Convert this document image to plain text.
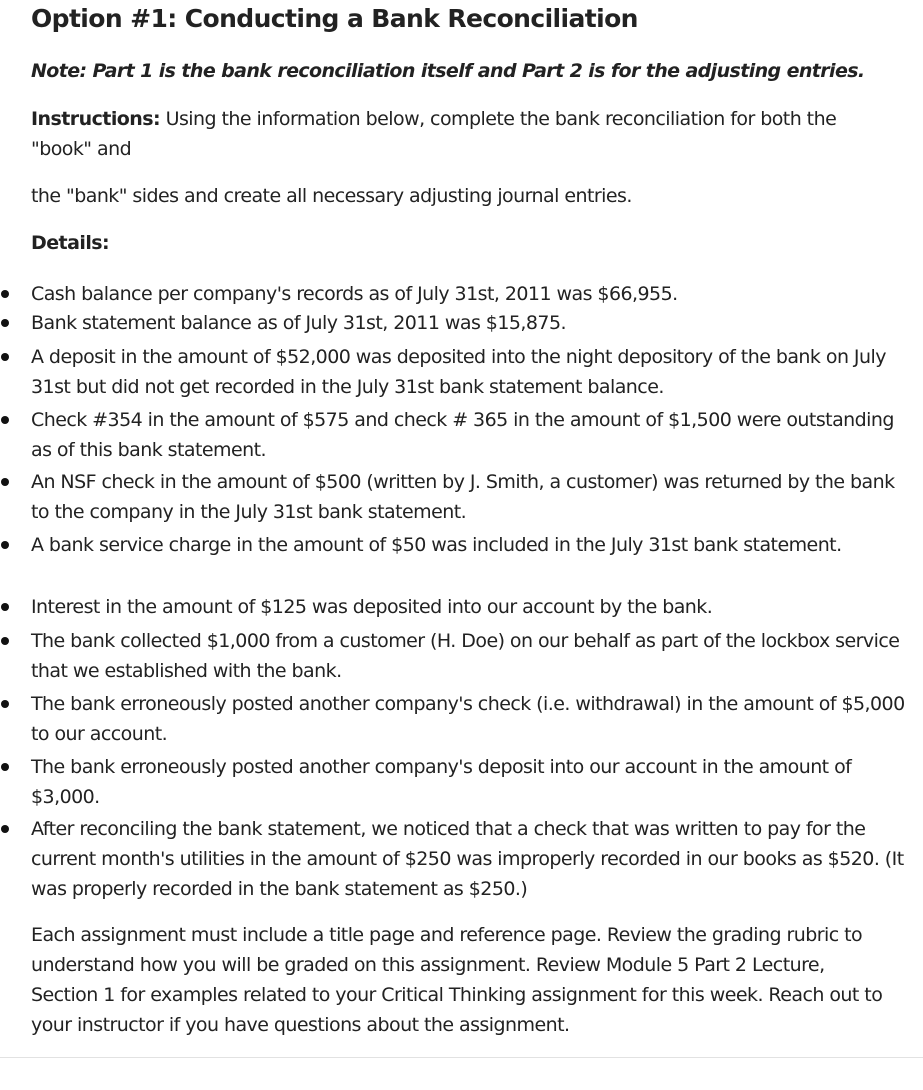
Option #1: Conducting a Bank Reconciliation

Note: Part 1 is the bank reconciliation itself and Part 2 is for the adjusting entries.

Instructions: Using the information below, complete the bank reconciliation for both the "book" and

the "bank" sides and create all necessary adjusting journal entries.

Details:

Cash balance per company's records as of July 31st, 2011 was $66,955.
Bank statement balance as of July 31st, 2011 was $15,875.
A deposit in the amount of $52,000 was deposited into the night depository of the bank on July 31st but did not get recorded in the July 31st bank statement balance.
Check #354 in the amount of $575 and check # 365 in the amount of $1,500 were outstanding as of this bank statement.
An NSF check in the amount of $500 (written by J. Smith, a customer) was returned by the bank to the company in the July 31st bank statement.
A bank service charge in the amount of $50 was included in the July 31st bank statement.
Interest in the amount of $125 was deposited into our account by the bank.
The bank collected $1,000 from a customer (H. Doe) on our behalf as part of the lockbox service that we established with the bank.
The bank erroneously posted another company's check (i.e. withdrawal) in the amount of $5,000 to our account.
The bank erroneously posted another company's deposit into our account in the amount of $3,000.
After reconciling the bank statement, we noticed that a check that was written to pay for the current month's utilities in the amount of $250 was improperly recorded in our books as $520. (It was properly recorded in the bank statement as $250.)

Each assignment must include a title page and reference page. Review the grading rubric to understand how you will be graded on this assignment. Review Module 5 Part 2 Lecture, Section 1 for examples related to your Critical Thinking assignment for this week. Reach out to your instructor if you have questions about the assignment.
